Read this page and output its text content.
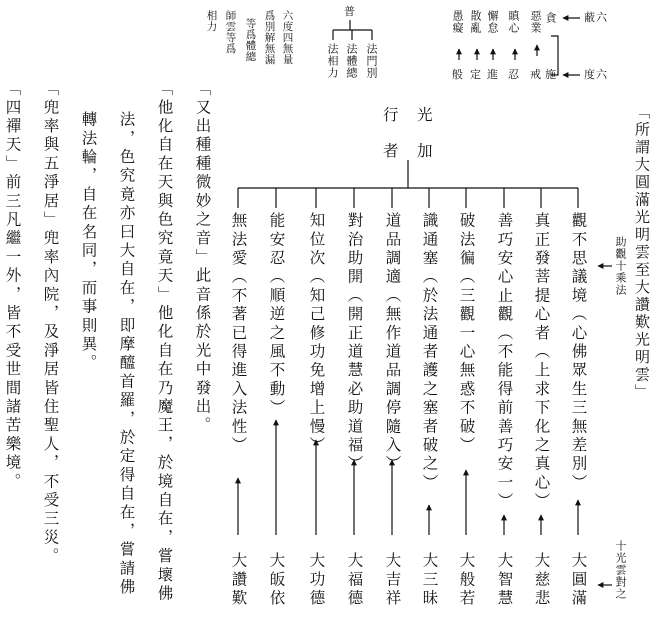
「所謂大圓滿光明雲至大讚歎光明雲」
助觀十乘法
十光雲對之
光
加
行
者
觀不思議境（心佛眾生三無差別）
真正發菩提心者（上求下化之真心）
善巧安心止觀（不能得前善巧安一）
破法徧（三觀一心無惑不破）
識通塞（於法通者護之塞者破之）
道品調適（無作道品調停隨入）
對治助開（開正道慧必助道福）
知位次（知己修功免增上慢）
能安忍（順逆之風不動）
無法愛（不著已得進入法性）
大圓滿
大慈悲
大智慧
大般若
大三昧
大吉祥
大福德
大功德
大皈依
大讚歎
蔽六
度六
貪
惡業
瞋心
懈怠
散亂
愚癡
施
戒
忍
進
定
般
普
法門別
法體總
法相力
六度四無量
爲別解無漏
等爲體總
師雲等爲
相力
「又出種種微妙之音」此音係於光中發出。
「他化自在天與色究竟天」他化自在乃魔王，於境自在，嘗壞佛
法，色究竟亦曰大自在，即摩醯首羅，於定得自在，嘗請佛
轉法輪，自在名同，而事則異。
「兜率與五淨居」兜率內院，及淨居皆住聖人，不受三災。
「四禪天」前三凡繼一外，皆不受世間諸苦樂境。
